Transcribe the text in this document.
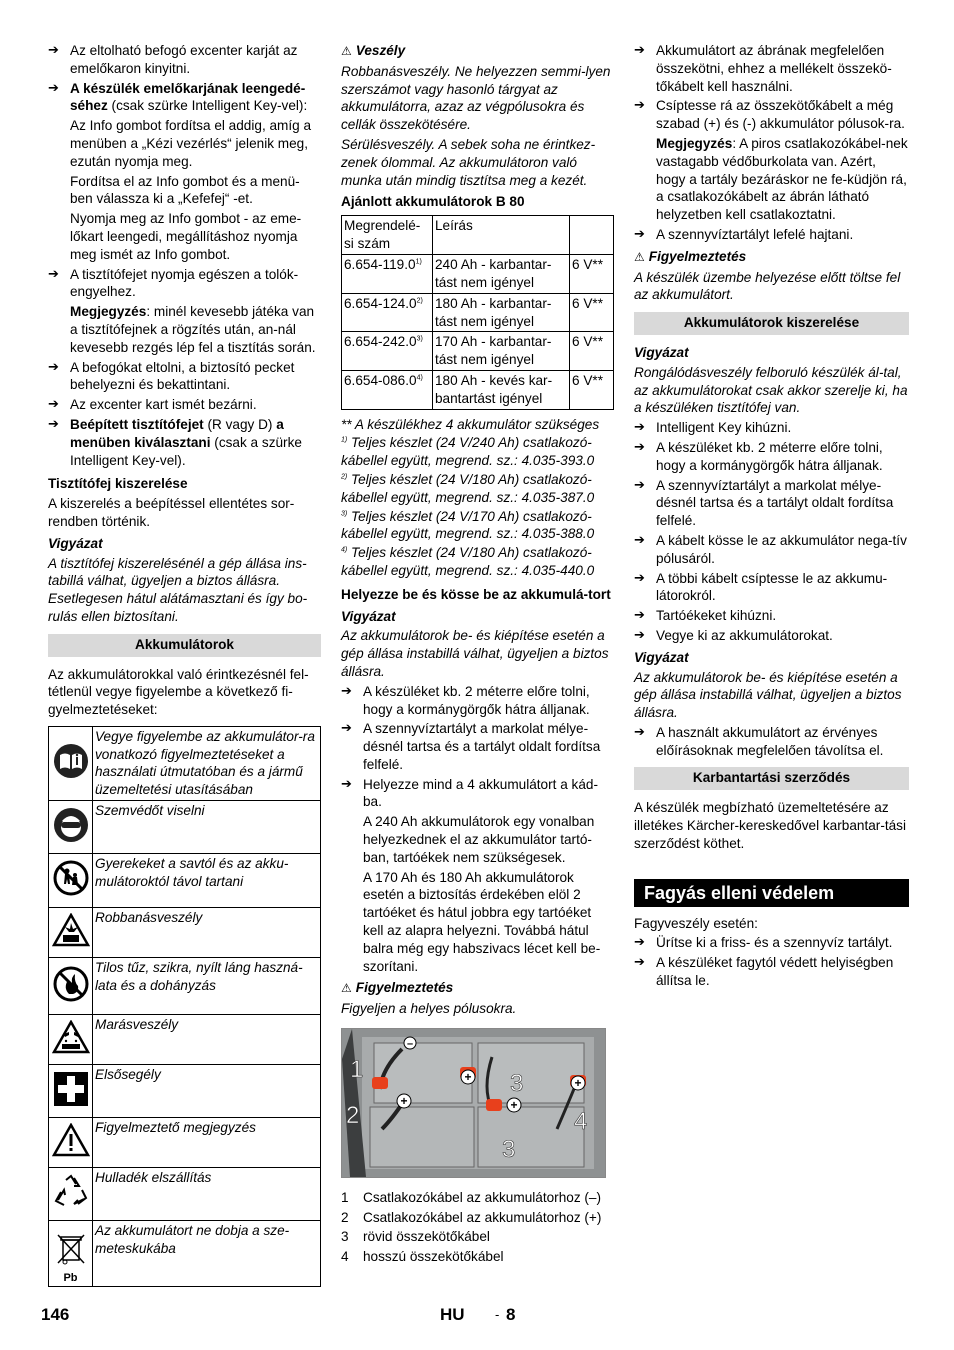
➔ Az eltolható befogó excenter karját az emelőkaron kinyitni.

➔ A készülék emelőkarjának leengedé-séhez (csak szürke Intelligent Key-vel):

Az Info gombot fordítsa el addig, amíg a menüben a „Kézi vezérlés“ jelenik meg, ezután nyomja meg.

Fordítsa el az Info gombot és a menü-ben válassza ki a „Kefefej“ -et.

Nyomja meg az Info gombot - az eme-lőkart leengedi, megállításhoz nyomja meg ismét az Info gombot.

➔ A tisztítófejet nyomja egészen a tolók-engyelhez.

Megjegyzés: minél kevesebb játéka van a tisztítófejnek a rögzítés után, an-nál kevesebb rezgés lép fel a tisztítás során.

➔ A befogókat eltolni, a biztosító pecket behelyezni és bekattintani.

➔ Az excenter kart ismét bezárni.

➔ Beépített tisztítófejet (R vagy D) a menüben kiválasztani (csak a szürke Intelligent Key-vel).

Tisztítófej kiszerelése

A kiszerelés a beépítéssel ellentétes sor-rendben történik.

Vigyázat

A tisztítófej kiszerelésénél a gép állása ins-tabillá válhat, ügyeljen a biztos állásra. Esetlegesen hátul alátámasztani és így bo-rulás ellen biztosítani.

Akkumulátorok

Az akkumulátorokkal való érintkezésnél fel-tétlenül vegye figyelembe a következő fi-gyelmeztetéseket:

	Vegye figyelembe az akkumulátor-ra vonatkozó figyelmeztetéseket a használati útmutatóban és a jármű üzemeltetési utasításában
	Szemvédőt viselni
	Gyerekeket a savtól és az akku-mulátoroktól távol tartani
	Robbanásveszély
	Tilos tűz, szikra, nyílt láng haszná-lata és a dohányzás
	Marásveszély
	Elsősegély
	Figyelmeztető megjegyzés
	Hulladék elszállítás

Pb	Az akkumulátort ne dobja a sze-meteskukába

⚠ Veszély

Robbanásveszély. Ne helyezzen semmi-lyen szerszámot vagy hasonló tárgyat az akkumulátorra, azaz az végpólusokra és cellák összekötésére.

Sérülésveszély. A sebek soha ne érintkez-zenek ólommal. Az akkumulátoron való munka után mindig tisztítsa meg a kezét.

Ajánlott akkumulátorok B 80

Megrendelé-si szám	Leírás	
6.654-119.0$^{1)}$	240 Ah - karbantar-tást nem igényel	6 V**
6.654-124.0$^{2)}$	180 Ah - karbantar-tást nem igényel	6 V**
6.654-242.0$^{3)}$	170 Ah - karbantar-tást nem igényel	6 V**
6.654-086.0$^{4)}$	180 Ah - kevés kar-bantartást igényel	6 V**

** A készülékhez 4 akkumulátor szükséges

$^{1)}$ Teljes készlet (24 V/240 Ah) csatlakozó-kábellel együtt, megrend. sz.: 4.035-393.0

$^{2)}$ Teljes készlet (24 V/180 Ah) csatlakozó-kábellel együtt, megrend. sz.: 4.035-387.0

$^{3)}$ Teljes készlet (24 V/170 Ah) csatlakozó-kábellel együtt, megrend. sz.: 4.035-388.0

$^{4)}$ Teljes készlet (24 V/180 Ah) csatlakozó-kábellel együtt, megrend. sz.: 4.035-440.0

Helyezze be és kösse be az akkumulá-tort

Vigyázat

Az akkumulátorok be- és kiépítése esetén a gép állása instabillá válhat, ügyeljen a biztos állásra.

➔ A készüléket kb. 2 méterre előre tolni, hogy a kormánygörgők hátra álljanak.

➔ A szennyvíztartályt a markolat mélye-désnél tartsa és a tartályt oldalt fordítsa felfelé.

➔ Helyezze mind a 4 akkumulátort a kád-ba.

A 240 Ah akkumulátorok egy vonalban helyezkednek el az akkumulátor tartó-ban, tartóékek nem szükségesek.

A 170 Ah és 180 Ah akkumulátorok esetén a biztosítás érdekében elöl 2 tartóéket és hátul jobbra egy tartóéket kell az alapra helyezni. Továbbá hátul balra még egy habszivacs lécet kell be-szorítani.

⚠ Figyelmeztetés

Figyeljen a helyes pólusokra.

–
+
+	+
+
1
2
3
3
4
1	Csatlakozókábel az akkumulátorhoz (–)
2	Csatlakozókábel az akkumulátorhoz (+)
3	rövid összekötőkábel
4	hosszú összekötőkábel

➔ Akkumulátort az ábrának megfelelően összekötni, ehhez a mellékelt összekö-tőkábelt kell használni.

➔ Csíptesse rá az összekötőkábelt a még szabad (+) és (-) akkumulátor pólusok-ra.

Megjegyzés: A piros csatlakozókábel-nek vastagabb védőburkolata van. Azért, hogy a tartály bezáráskor ne fe-küdjön rá, a csatlakozókábelt az ábrán látható helyzetben kell csatlakoztatni.

➔ A szennyvíztartályt lefelé hajtani.

⚠ Figyelmeztetés

A készülék üzembe helyezése előtt töltse fel az akkumulátort.

Akkumulátorok kiszerelése

Vigyázat

Rongálódásveszély felboruló készülék ál-tal, az akkumulátorokat csak akkor szerelje ki, ha a készüléken tisztítófej van.

➔ Intelligent Key kihúzni.

➔ A készüléket kb. 2 méterre előre tolni, hogy a kormánygörgők hátra álljanak.

➔ A szennyvíztartályt a markolat mélye-désnél tartsa és a tartályt oldalt fordítsa felfelé.

➔ A kábelt kösse le az akkumulátor nega-tív pólusáról.

➔ A többi kábelt csíptesse le az akkumu-látorokról.

➔ Tartóékeket kihúzni.

➔ Vegye ki az akkumulátorokat.

Vigyázat

Az akkumulátorok be- és kiépítése esetén a gép állása instabillá válhat, ügyeljen a biztos állásra.

➔ A használt akkumulátort az érvényes előírásoknak megfelelően távolítsa el.

Karbantartási szerződés

A készülék megbízható üzemeltetésére az illetékes Kärcher-kereskedővel karbantar-tási szerződést köthet.

Fagyás elleni védelem

Fagyveszély esetén:

➔ Ürítse ki a friss- és a szennyvíz tartályt.

➔ A készüléket fagytól védett helyiségben állítsa le.

146	HU - 8
